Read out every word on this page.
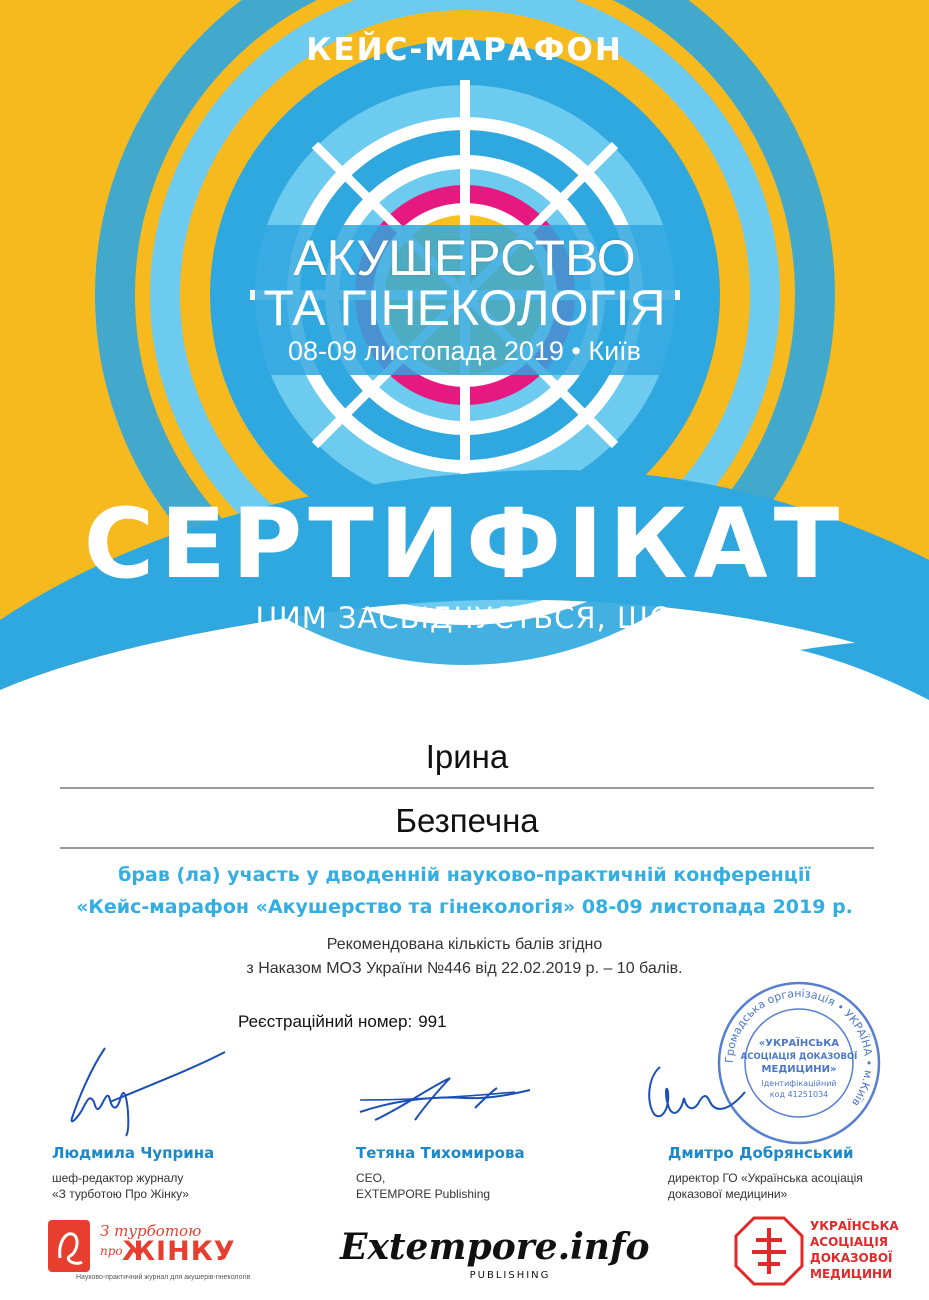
КЕЙС-МАРАФОН
АКУШЕРСТВО
ТА ГІНЕКОЛОГІЯ
08-09 листопада 2019 • Київ
СЕРТИФІКАТ
ЦИМ ЗАСВІДЧУЄТЬСЯ, ЩО
Ірина
Безпечна
брав (ла) участь у дводенній науково-практичній конференції
«Кейс-марафон «Акушерство та гінекологія» 08-09 листопада 2019 р.
Рекомендована кількість балів згідно
з Наказом МОЗ України №446 від 22.02.2019 р. – 10 балів.
Реєстраційний номер: 991
Людмила Чуприна
шеф-редактор журналу
«З турботою Про Жінку»
Тетяна Тихомирова
CEO,
EXTEMPORE Publishing
Дмитро Добрянський
директор ГО «Українська асоціація
доказової медицини»
Громадська організація • УКРАЇНА • м.Київ
«УКРАЇНСЬКА
АСОЦІАЦІЯ ДОКАЗОВОЇ
МЕДИЦИНИ»
Ідентифікаційний
код 41251034
З турботою
про ЖІНКУ
Науково-практичний журнал для акушерів-гінекологів
Extempore.info
PUBLISHING
УКРАЇНСЬКА
АСОЦІАЦІЯ
ДОКАЗОВОЇ
МЕДИЦИНИ
